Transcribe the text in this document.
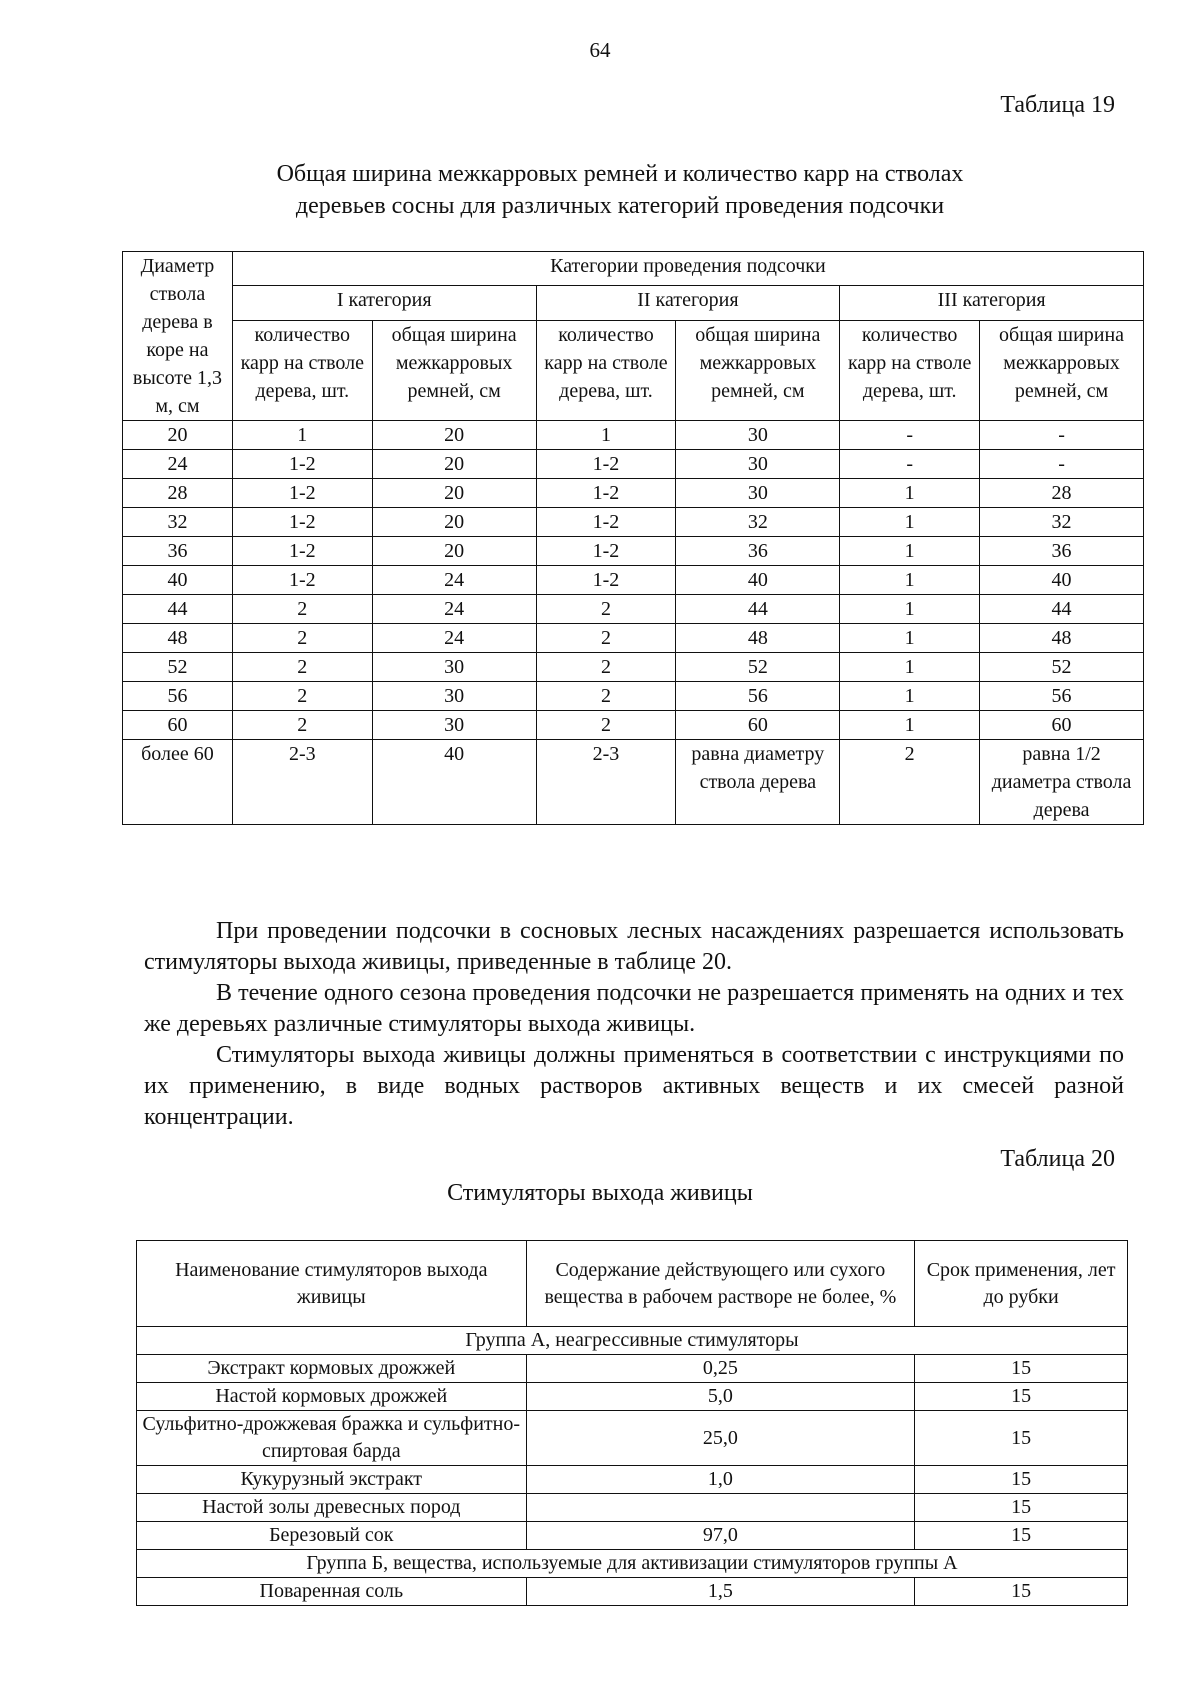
64
Таблица 19
Общая ширина межкарровых ремней и количество карр на стволах
деревьев сосны для различных категорий проведения подсочки
Диаметр ствола дерева в коре на высоте 1,3 м, см	Категории проведения подсочки					
	I категория		II категория		III категория	
	количество карр на стволе дерева, шт.	общая ширина межкарровых ремней, см	количество карр на стволе дерева, шт.	общая ширина межкарровых ремней, см	количество карр на стволе дерева, шт.	общая ширина межкарровых ремней, см
20	1	20	1	30	-	-
24	1-2	20	1-2	30	-	-
28	1-2	20	1-2	30	1	28
32	1-2	20	1-2	32	1	32
36	1-2	20	1-2	36	1	36
40	1-2	24	1-2	40	1	40
44	2	24	2	44	1	44
48	2	24	2	48	1	48
52	2	30	2	52	1	52
56	2	30	2	56	1	56
60	2	30	2	60	1	60
более 60	2-3	40	2-3	равна диаметру ствола дерева	2	равна 1/2 диаметра ствола дерева

При проведении подсочки в сосновых лесных насаждениях разрешается использовать стимуляторы выхода живицы, приведенные в таблице 20.

В течение одного сезона проведения подсочки не разрешается применять на одних и тех же деревьях различные стимуляторы выхода живицы.

Стимуляторы выхода живицы должны применяться в соответствии с инструкциями по их применению, в виде водных растворов активных веществ и их смесей разной концентрации.

Таблица 20
Стимуляторы выхода живицы
Наименование стимуляторов выхода живицы	Содержание действующего или сухого вещества в рабочем растворе не более, %	Срок применения, лет до рубки
Группа А, неагрессивные стимуляторы		
Экстракт кормовых дрожжей	0,25	15
Настой кормовых дрожжей	5,0	15
Сульфитно-дрожжевая бражка и сульфитно-спиртовая барда	25,0	15
Кукурузный экстракт	1,0	15
Настой золы древесных пород		15
Березовый сок	97,0	15
Группа Б, вещества, используемые для активизации стимуляторов группы А		
Поваренная соль	1,5	15
